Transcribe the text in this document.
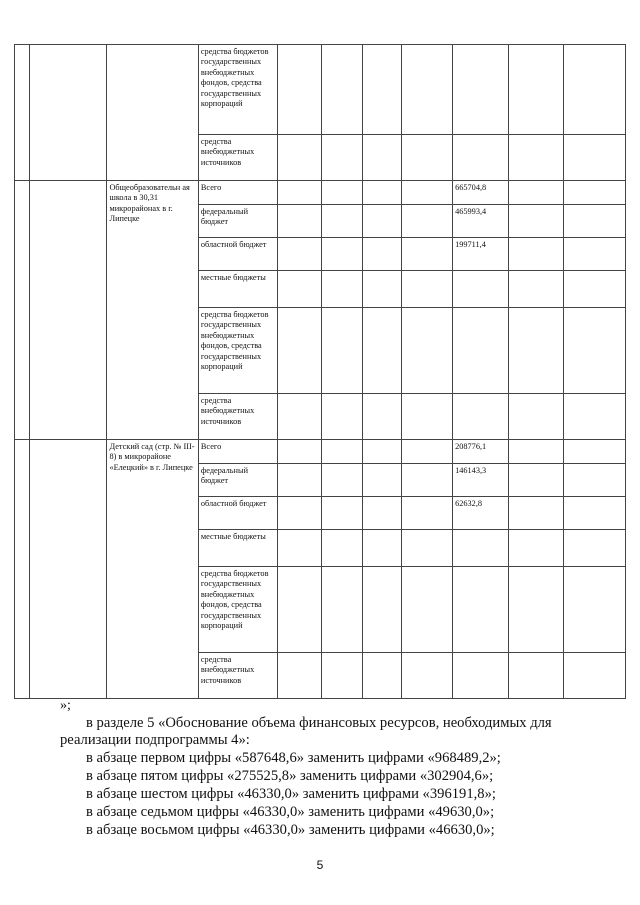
			средства бюджетов государственных внебюджетных фондов, средства государственных корпораций							
			средства внебюджетных источников							
		Общеобразовательн ая школа в 30,31 микрорайонах в г. Липецке	Всего					665704,8		
			федеральный бюджет					465993,4		
			областной бюджет					199711,4		
			местные бюджеты							
			средства бюджетов государственных внебюджетных фондов, средства государственных корпораций							
			средства внебюджетных источников							
		Детский сад (стр. № III-8) в микрорайоне «Елецкий» в г. Липецке	Всего					208776,1		
			федеральный бюджет					146143,3		
			областной бюджет					62632,8		
			местные бюджеты							
			средства бюджетов государственных внебюджетных фондов, средства государственных корпораций							
			средства внебюджетных источников							
»;
в разделе 5 «Обоснование объема финансовых ресурсов, необходимых для
реализации подпрограммы 4»:
в абзаце первом цифры «587648,6» заменить цифрами «968489,2»;
в абзаце пятом цифры «275525,8» заменить цифрами «302904,6»;
в абзаце шестом цифры «46330,0» заменить цифрами «396191,8»;
в абзаце седьмом цифры «46330,0» заменить цифрами «49630,0»;
в абзаце восьмом цифры «46330,0» заменить цифрами «46630,0»;
5
